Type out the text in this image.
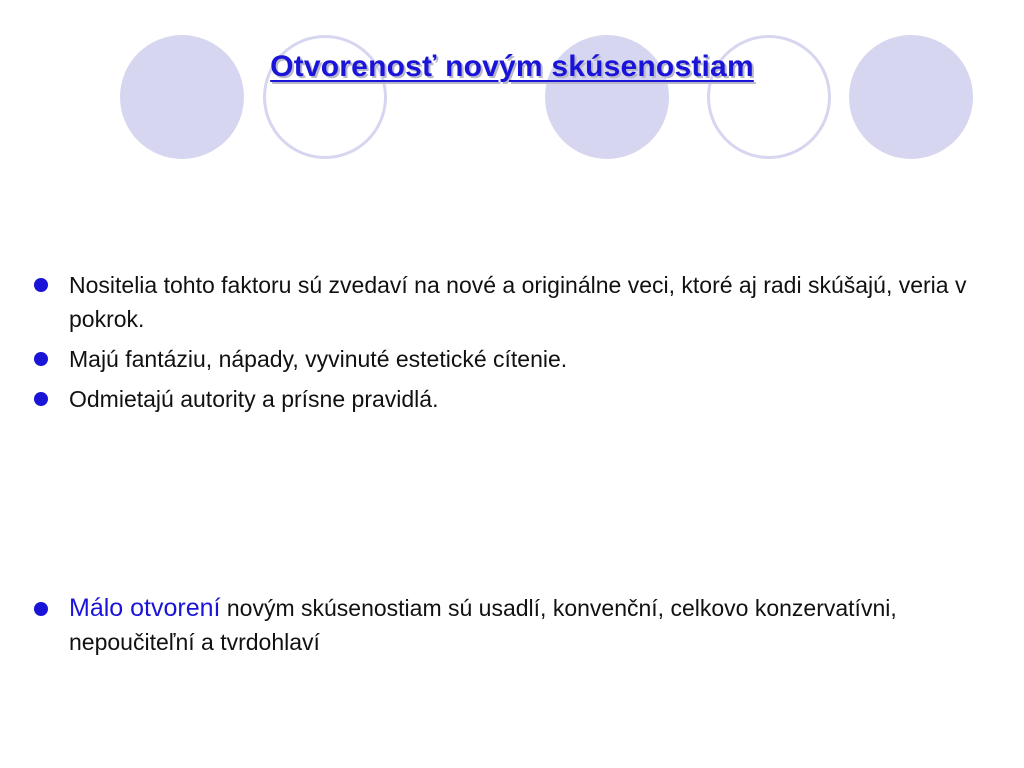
Otvorenosť novým skúsenostiam
Nositelia tohto faktoru sú zvedaví na nové a originálne veci, ktoré aj radi skúšajú, veria v pokrok.
Majú fantáziu, nápady, vyvinuté estetické cítenie.
Odmietajú autority a prísne pravidlá.
Málo otvorení novým skúsenostiam sú usadlí, konvenční, celkovo konzervatívni, nepoučiteľní a tvrdohlaví
